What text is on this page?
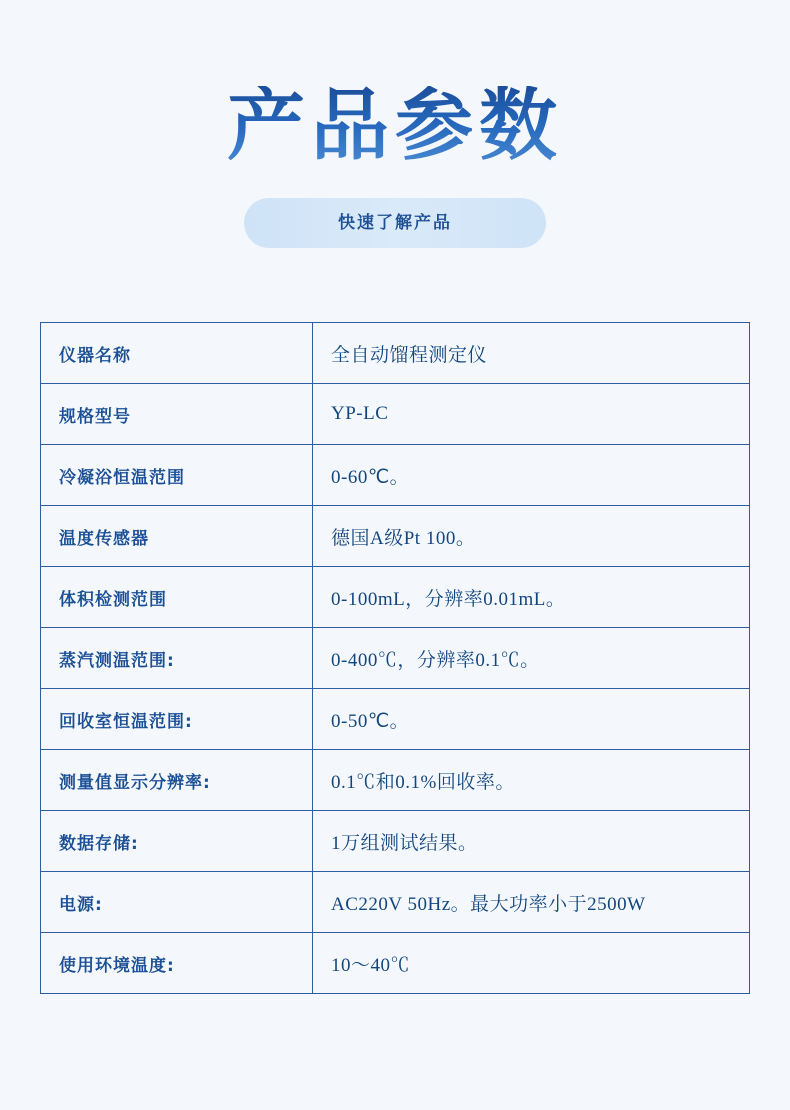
产品参数
快速了解产品
仪器名称	全自动馏程测定仪
规格型号	YP-LC
冷凝浴恒温范围	0-60℃。
温度传感器	德国A级Pt 100。
体积检测范围	0-100mL，分辨率0.01mL。
蒸汽测温范围:	0-400℃，分辨率0.1℃。
回收室恒温范围:	0-50℃。
测量值显示分辨率:	0.1℃和0.1%回收率。
数据存储:	1万组测试结果。
电源:	AC220V 50Hz。最大功率小于2500W
使用环境温度:	10～40℃
